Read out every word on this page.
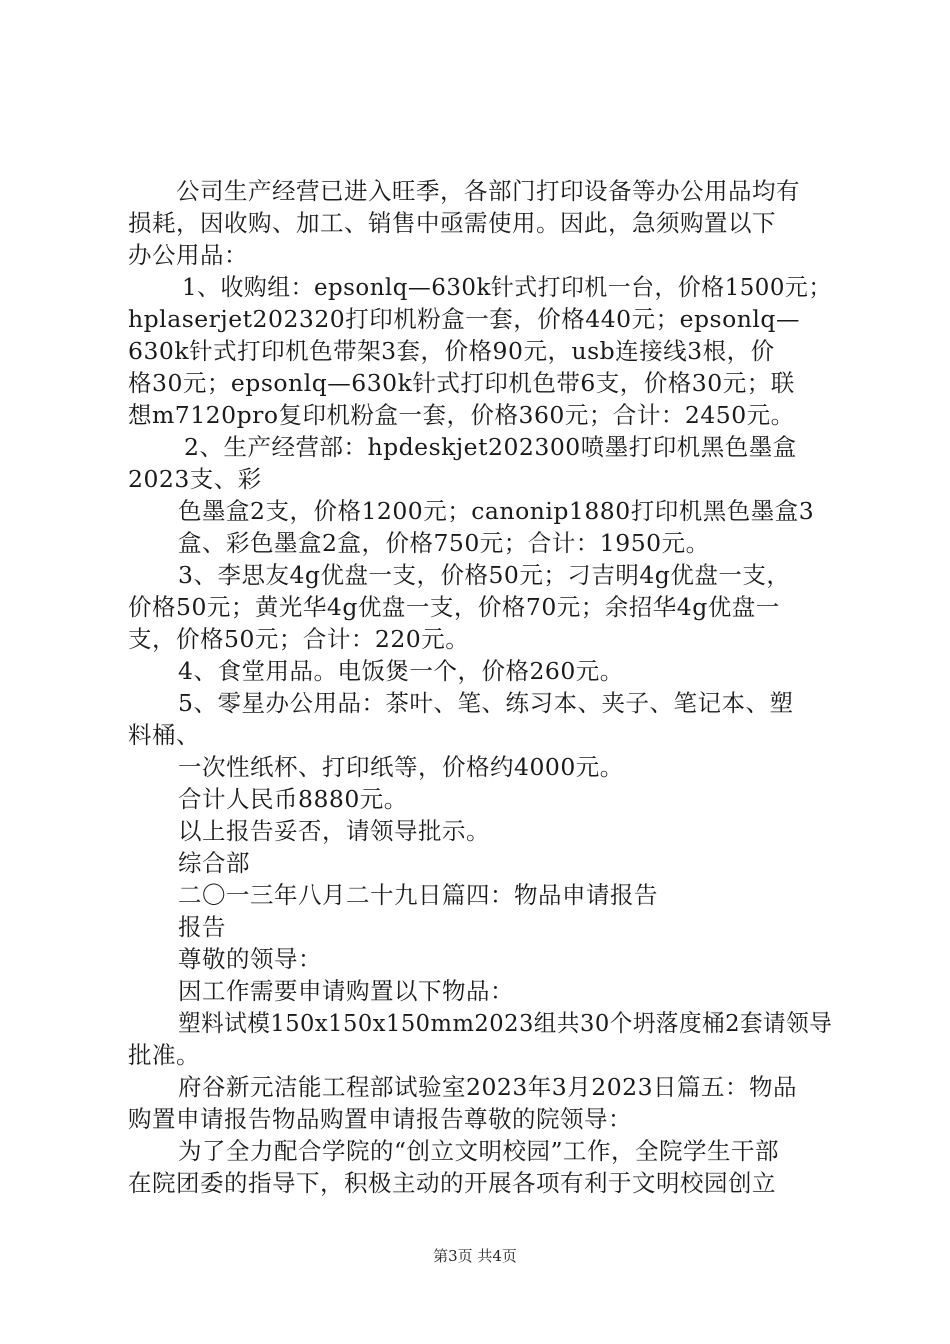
公司生产经营已进入旺季，各部门打印设备等办公用品均有
损耗，因收购、加工、销售中亟需使用。因此，急须购置以下
办公用品：
1、收购组：epsonlq—630k针式打印机一台，价格1500元；
hplaserjet202320打印机粉盒一套，价格440元；epsonlq—
630k针式打印机色带架3套，价格90元，usb连接线3根，价
格30元；epsonlq—630k针式打印机色带6支，价格30元；联
想m7120pro复印机粉盒一套，价格360元；合计：2450元。
2、生产经营部：hpdeskjet202300喷墨打印机黑色墨盒
2023支、彩
色墨盒2支，价格1200元；canonip1880打印机黑色墨盒3
盒、彩色墨盒2盒，价格750元；合计：1950元。
3、李思友4g优盘一支，价格50元；刁吉明4g优盘一支，
价格50元；黄光华4g优盘一支，价格70元；余招华4g优盘一
支，价格50元；合计：220元。
4、食堂用品。电饭煲一个，价格260元。
5、零星办公用品：茶叶、笔、练习本、夹子、笔记本、塑
料桶、
一次性纸杯、打印纸等，价格约4000元。
合计人民币8880元。
以上报告妥否，请领导批示。
综合部
二〇一三年八月二十九日篇四：物品申请报告
报告
尊敬的领导：
因工作需要申请购置以下物品：
塑料试模150x150x150mm2023组共30个坍落度桶2套请领导
批准。
府谷新元洁能工程部试验室2023年3月2023日篇五：物品
购置申请报告物品购置申请报告尊敬的院领导：
为了全力配合学院的“创立文明校园”工作，全院学生干部
在院团委的指导下，积极主动的开展各项有利于文明校园创立
第3页 共4页
